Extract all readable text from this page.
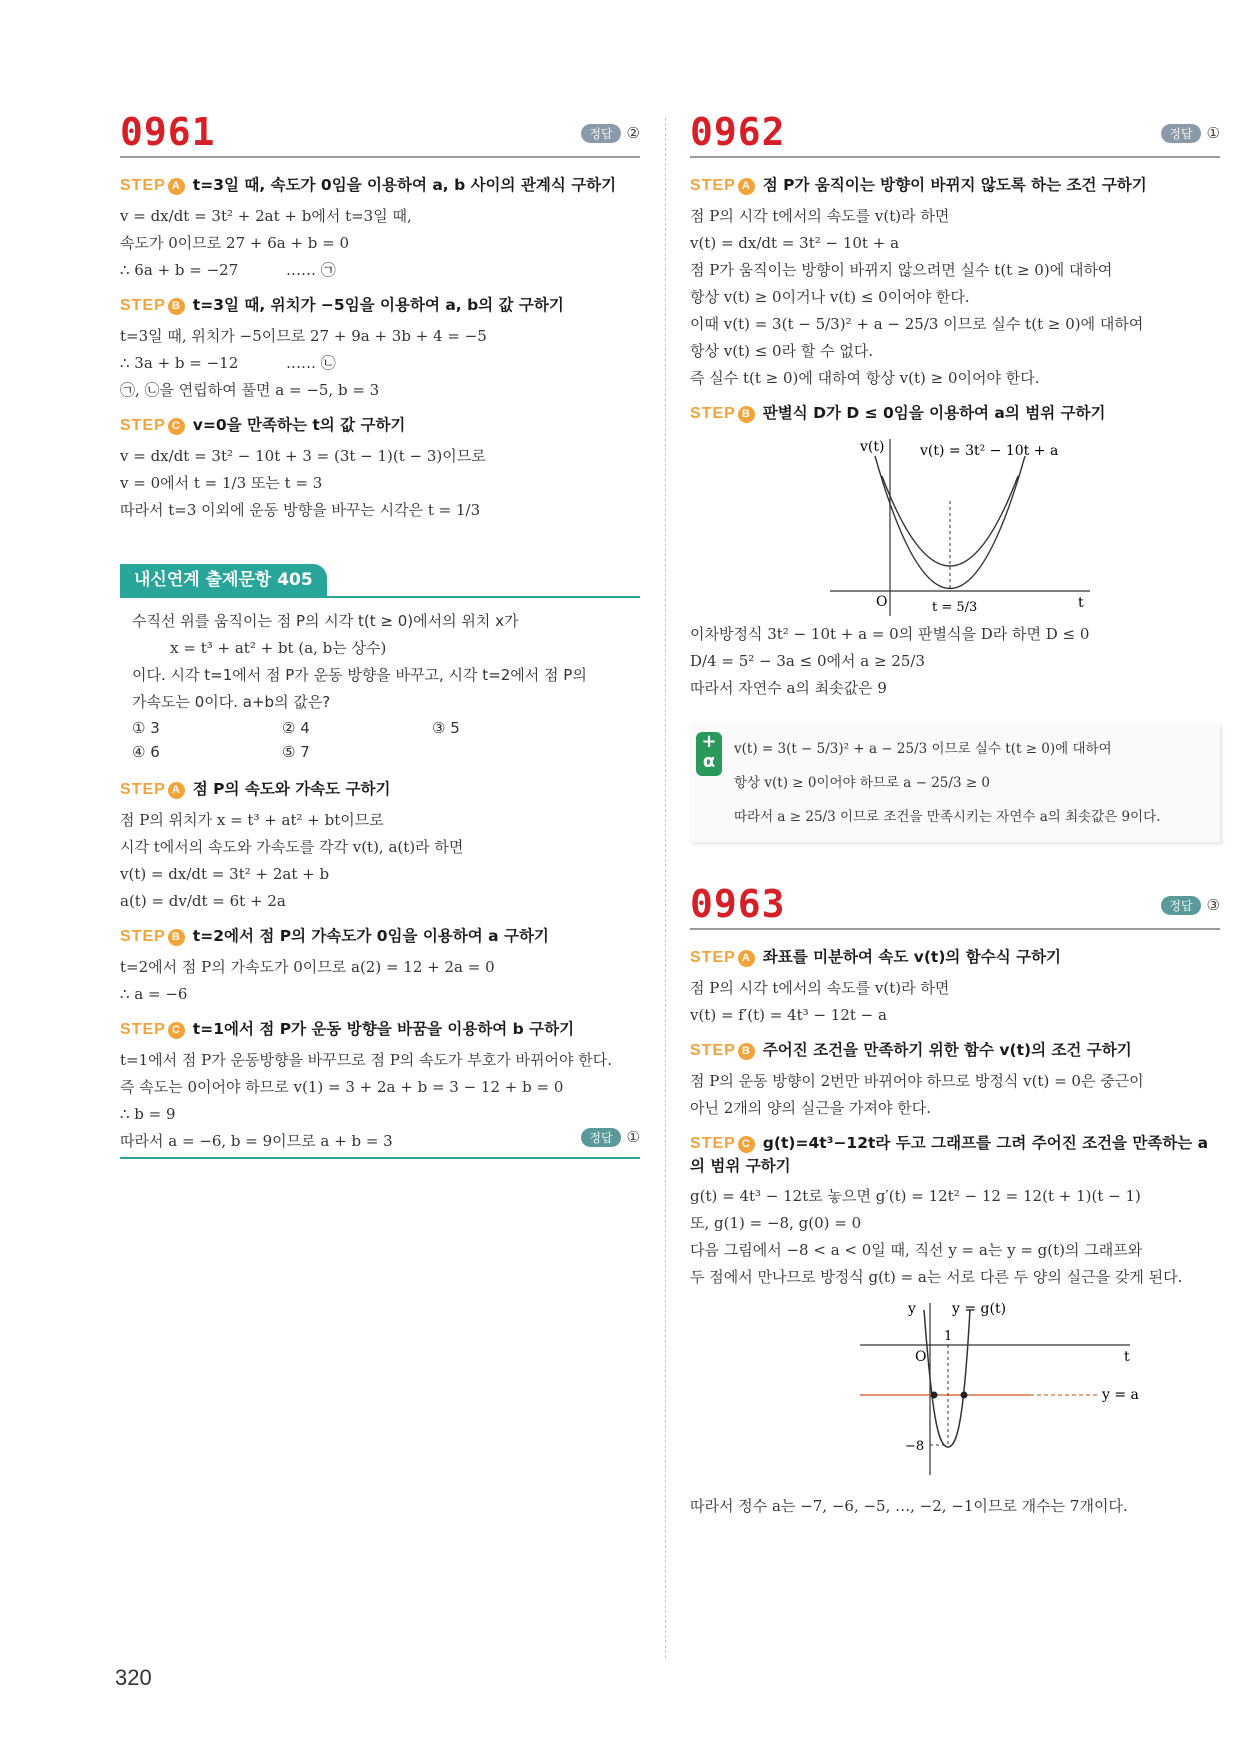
0961	정답 ②
STEP A t=3일 때, 속도가 0임을 이용하여 a, b 사이의 관계식 구하기
v = dx/dt = 3t² + 2at + b에서 t=3일 때,
속도가 0이므로 27 + 6a + b = 0
∴ 6a + b = −27          …… ㉠
STEP B t=3일 때, 위치가 −5임을 이용하여 a, b의 값 구하기
t=3일 때, 위치가 −5이므로 27 + 9a + 3b + 4 = −5
∴ 3a + b = −12          …… ㉡
㉠, ㉡을 연립하여 풀면 a = −5, b = 3
STEP C v=0을 만족하는 t의 값 구하기
v = dx/dt = 3t² − 10t + 3 = (3t − 1)(t − 3)이므로
v = 0에서 t = 1/3 또는 t = 3
따라서 t=3 이외에 운동 방향을 바꾸는 시각은 t = 1/3
내신연계 출제문항 405
수직선 위를 움직이는 점 P의 시각 t(t ≥ 0)에서의 위치 x가
x = t³ + at² + bt (a, b는 상수)
이다. 시각 t=1에서 점 P가 운동 방향을 바꾸고, 시각 t=2에서 점 P의
가속도는 0이다. a+b의 값은?
① 3	② 4	③ 5
④ 6	⑤ 7
STEP A 점 P의 속도와 가속도 구하기
점 P의 위치가 x = t³ + at² + bt이므로
시각 t에서의 속도와 가속도를 각각 v(t), a(t)라 하면
v(t) = dx/dt = 3t² + 2at + b
a(t) = dv/dt = 6t + 2a
STEP B t=2에서 점 P의 가속도가 0임을 이용하여 a 구하기
t=2에서 점 P의 가속도가 0이므로 a(2) = 12 + 2a = 0
∴ a = −6
STEP C t=1에서 점 P가 운동 방향을 바꿈을 이용하여 b 구하기
t=1에서 점 P가 운동방향을 바꾸므로 점 P의 속도가 부호가 바뀌어야 한다.
즉 속도는 0이어야 하므로 v(1) = 3 + 2a + b = 3 − 12 + b = 0
∴ b = 9
따라서 a = −6, b = 9이므로 a + b = 3	정답 ①
0962	정답 ①
STEP A 점 P가 움직이는 방향이 바뀌지 않도록 하는 조건 구하기
점 P의 시각 t에서의 속도를 v(t)라 하면
v(t) = dx/dt = 3t² − 10t + a
점 P가 움직이는 방향이 바뀌지 않으려면 실수 t(t ≥ 0)에 대하여
항상 v(t) ≥ 0이거나 v(t) ≤ 0이어야 한다.
이때 v(t) = 3(t − 5/3)² + a − 25/3 이므로 실수 t(t ≥ 0)에 대하여
항상 v(t) ≤ 0라 할 수 없다.
즉 실수 t(t ≥ 0)에 대하여 항상 v(t) ≥ 0이어야 한다.
STEP B 판별식 D가 D ≤ 0임을 이용하여 a의 범위 구하기
v(t)	v(t) = 3t² − 10t + a
O	t
t = 5/3
이차방정식 3t² − 10t + a = 0의 판별식을 D라 하면 D ≤ 0
D/4 = 5² − 3a ≤ 0에서 a ≥ 25/3
따라서 자연수 a의 최솟값은 9
+
α
v(t) = 3(t − 5/3)² + a − 25/3 이므로 실수 t(t ≥ 0)에 대하여
항상 v(t) ≥ 0이어야 하므로 a − 25/3 ≥ 0
따라서 a ≥ 25/3 이므로 조건을 만족시키는 자연수 a의 최솟값은 9이다.
0963	정답 ③
STEP A 좌표를 미분하여 속도 v(t)의 함수식 구하기
점 P의 시각 t에서의 속도를 v(t)라 하면
v(t) = f′(t) = 4t³ − 12t − a
STEP B 주어진 조건을 만족하기 위한 함수 v(t)의 조건 구하기
점 P의 운동 방향이 2번만 바뀌어야 하므로 방정식 v(t) = 0은 중근이
아닌 2개의 양의 실근을 가져야 한다.
STEP C g(t)=4t³−12t라 두고 그래프를 그려 주어진 조건을 만족하는 a의 범위 구하기
g(t) = 4t³ − 12t로 놓으면 g′(t) = 12t² − 12 = 12(t + 1)(t − 1)
또, g(1) = −8, g(0) = 0
다음 그림에서 −8 < a < 0일 때, 직선 y = a는 y = g(t)의 그래프와
두 점에서 만나므로 방정식 g(t) = a는 서로 다른 두 양의 실근을 갖게 된다.
y	y = g(t)
O
1
t
−8
y = a
따라서 정수 a는 −7, −6, −5, …, −2, −1이므로 개수는 7개이다.
320
